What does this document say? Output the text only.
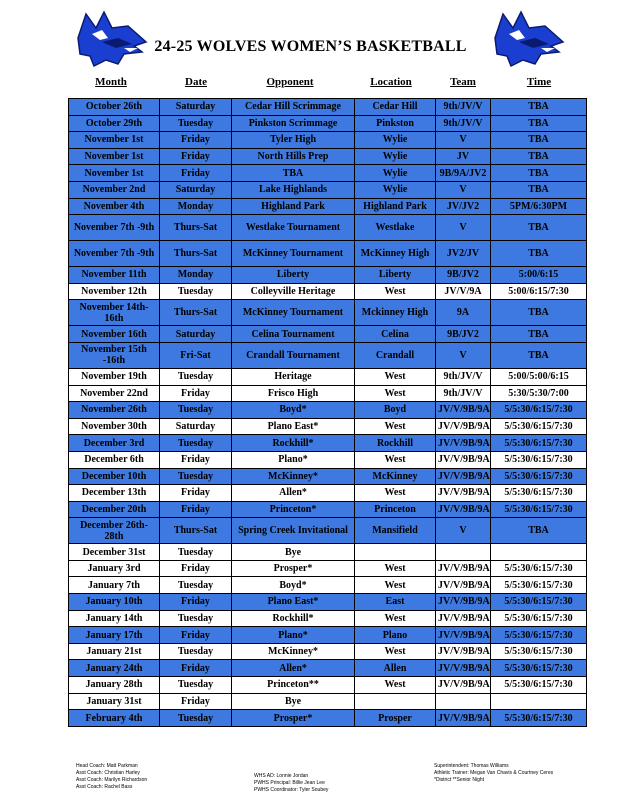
24-25 WOLVES WOMEN’S BASKETBALL
Month	Date	Opponent	Location	Team	Time
October 26th	Saturday	Cedar Hill Scrimmage	Cedar Hill	9th/JV/V	TBA
October 29th	Tuesday	Pinkston Scrimmage	Pinkston	9th/JV/V	TBA
November 1st	Friday	Tyler High	Wylie	V	TBA
November 1st	Friday	North Hills Prep	Wylie	JV	TBA
November 1st	Friday	TBA	Wylie	9B/9A/JV2	TBA
November 2nd	Saturday	Lake Highlands	Wylie	V	TBA
November 4th	Monday	Highland Park	Highland Park	JV/JV2	5PM/6:30PM
November 7th -9th	Thurs-Sat	Westlake Tournament	Westlake	V	TBA
November 7th -9th	Thurs-Sat	McKinney Tournament	McKinney High	JV2/JV	TBA
November 11th	Monday	Liberty	Liberty	9B/JV2	5:00/6:15
November 12th	Tuesday	Colleyville Heritage	West	JV/V/9A	5:00/6:15/7:30
November 14th-16th	Thurs-Sat	McKinney Tournament	Mckinney High	9A	TBA
November 16th	Saturday	Celina Tournament	Celina	9B/JV2	TBA
November 15th -16th	Fri-Sat	Crandall Tournament	Crandall	V	TBA
November 19th	Tuesday	Heritage	West	9th/JV/V	5:00/5:00/6:15
November 22nd	Friday	Frisco High	West	9th/JV/V	5:30/5:30/7:00
November 26th	Tuesday	Boyd*	Boyd	JV/V/9B/9A	5/5:30/6:15/7:30
November 30th	Saturday	Plano East*	West	JV/V/9B/9A	5/5:30/6:15/7:30
December 3rd	Tuesday	Rockhill*	Rockhill	JV/V/9B/9A	5/5:30/6:15/7:30
December 6th	Friday	Plano*	West	JV/V/9B/9A	5/5:30/6:15/7:30
December 10th	Tuesday	McKinney*	McKinney	JV/V/9B/9A	5/5:30/6:15/7:30
December 13th	Friday	Allen*	West	JV/V/9B/9A	5/5:30/6:15/7:30
December 20th	Friday	Princeton*	Princeton	JV/V/9B/9A	5/5:30/6:15/7:30
December 26th-28th	Thurs-Sat	Spring Creek Invitational	Mansifield	V	TBA
December 31st	Tuesday	Bye			
January 3rd	Friday	Prosper*	West	JV/V/9B/9A	5/5:30/6:15/7:30
January 7th	Tuesday	Boyd*	West	JV/V/9B/9A	5/5:30/6:15/7:30
January 10th	Friday	Plano East*	East	JV/V/9B/9A	5/5:30/6:15/7:30
January 14th	Tuesday	Rockhill*	West	JV/V/9B/9A	5/5:30/6:15/7:30
January 17th	Friday	Plano*	Plano	JV/V/9B/9A	5/5:30/6:15/7:30
January 21st	Tuesday	McKinney*	West	JV/V/9B/9A	5/5:30/6:15/7:30
January 24th	Friday	Allen*	Allen	JV/V/9B/9A	5/5:30/6:15/7:30
January 28th	Tuesday	Princeton**	West	JV/V/9B/9A	5/5:30/6:15/7:30
January 31st	Friday	Bye			
February 4th	Tuesday	Prosper*	Prosper	JV/V/9B/9A	5/5:30/6:15/7:30
Head Coach: Matt Parkman
Asst Coach: Christian Harley
Asst Coach: Marilyn Richardson
Asst Coach: Rachel Bass
WHS AD: Lonnie Jordan
PWHS Principal: Billie Jean Lee
PWHS Coordinator: Tyler Soubey
Superintendent: Thomas Williams
Athletic Trainer: Megan Van Chavis & Courtney Ceres
*District **Senior Night
